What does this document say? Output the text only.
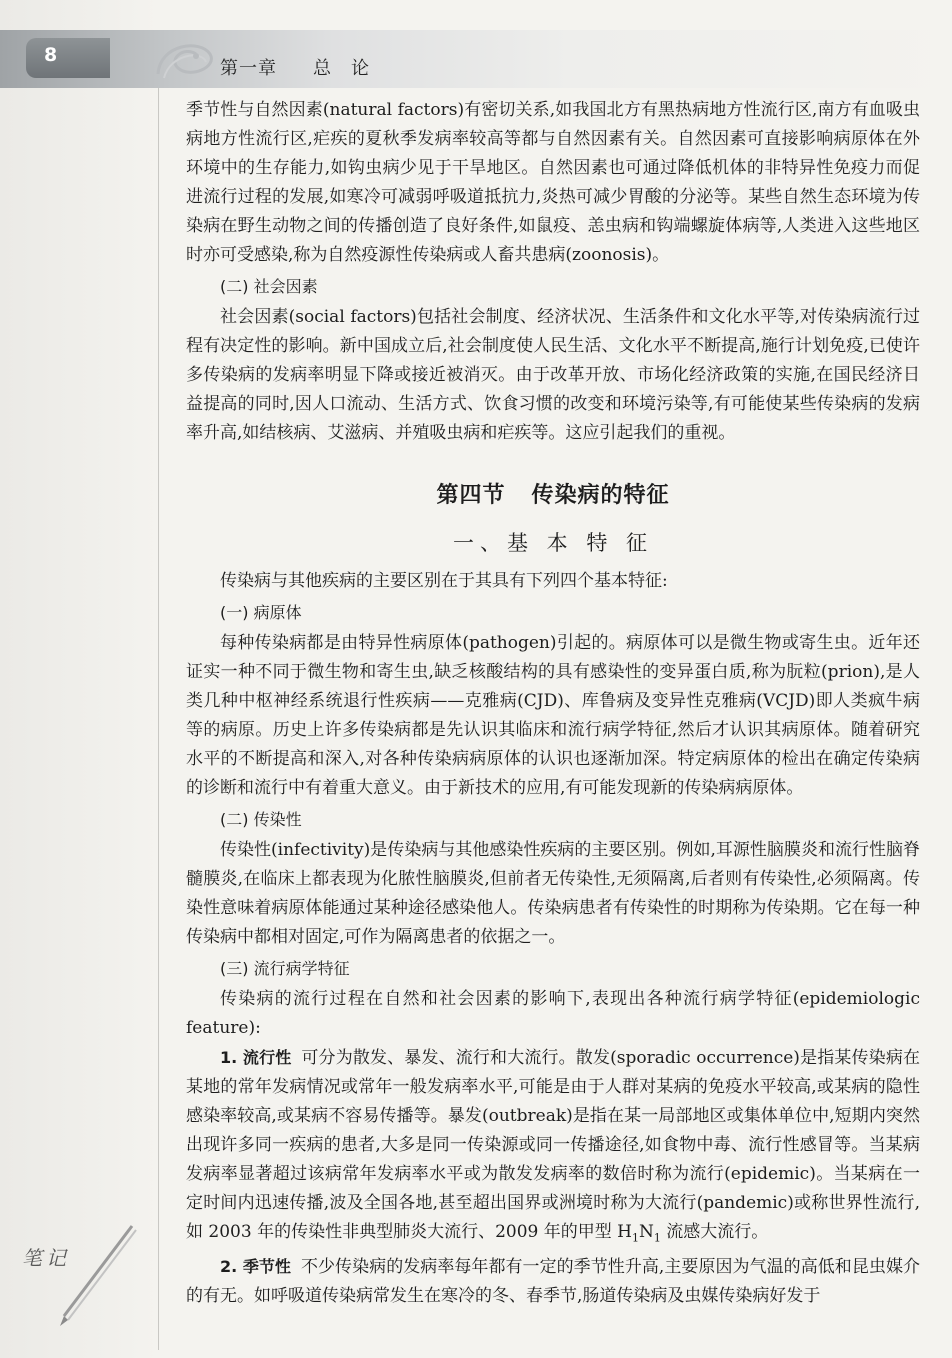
8
第一章 总　论

季节性与自然因素(natural factors)有密切关系,如我国北方有黑热病地方性流行区,南方有血吸虫病地方性流行区,疟疾的夏秋季发病率较高等都与自然因素有关。自然因素可直接影响病原体在外环境中的生存能力,如钩虫病少见于干旱地区。自然因素也可通过降低机体的非特异性免疫力而促进流行过程的发展,如寒冷可减弱呼吸道抵抗力,炎热可减少胃酸的分泌等。某些自然生态环境为传染病在野生动物之间的传播创造了良好条件,如鼠疫、恙虫病和钩端螺旋体病等,人类进入这些地区时亦可受感染,称为自然疫源性传染病或人畜共患病(zoonosis)。

(二) 社会因素

社会因素(social factors)包括社会制度、经济状况、生活条件和文化水平等,对传染病流行过程有决定性的影响。新中国成立后,社会制度使人民生活、文化水平不断提高,施行计划免疫,已使许多传染病的发病率明显下降或接近被消灭。由于改革开放、市场化经济政策的实施,在国民经济日益提高的同时,因人口流动、生活方式、饮食习惯的改变和环境污染等,有可能使某些传染病的发病率升高,如结核病、艾滋病、并殖吸虫病和疟疾等。这应引起我们的重视。

第四节 传染病的特征
一、基 本 特 征

传染病与其他疾病的主要区别在于其具有下列四个基本特征:

(一) 病原体

每种传染病都是由特异性病原体(pathogen)引起的。病原体可以是微生物或寄生虫。近年还证实一种不同于微生物和寄生虫,缺乏核酸结构的具有感染性的变异蛋白质,称为朊粒(prion),是人类几种中枢神经系统退行性疾病——克雅病(CJD)、库鲁病及变异性克雅病(VCJD)即人类疯牛病等的病原。历史上许多传染病都是先认识其临床和流行病学特征,然后才认识其病原体。随着研究水平的不断提高和深入,对各种传染病病原体的认识也逐渐加深。特定病原体的检出在确定传染病的诊断和流行中有着重大意义。由于新技术的应用,有可能发现新的传染病病原体。

(二) 传染性

传染性(infectivity)是传染病与其他感染性疾病的主要区别。例如,耳源性脑膜炎和流行性脑脊髓膜炎,在临床上都表现为化脓性脑膜炎,但前者无传染性,无须隔离,后者则有传染性,必须隔离。传染性意味着病原体能通过某种途径感染他人。传染病患者有传染性的时期称为传染期。它在每一种传染病中都相对固定,可作为隔离患者的依据之一。

(三) 流行病学特征

传染病的流行过程在自然和社会因素的影响下,表现出各种流行病学特征(epidemiologic feature):

1. 流行性 可分为散发、暴发、流行和大流行。散发(sporadic occurrence)是指某传染病在某地的常年发病情况或常年一般发病率水平,可能是由于人群对某病的免疫水平较高,或某病的隐性感染率较高,或某病不容易传播等。暴发(outbreak)是指在某一局部地区或集体单位中,短期内突然出现许多同一疾病的患者,大多是同一传染源或同一传播途径,如食物中毒、流行性感冒等。当某病发病率显著超过该病常年发病率水平或为散发发病率的数倍时称为流行(epidemic)。当某病在一定时间内迅速传播,波及全国各地,甚至超出国界或洲境时称为大流行(pandemic)或称世界性流行,如 2003 年的传染性非典型肺炎大流行、2009 年的甲型 $H_1N_1$ 流感大流行。

2. 季节性 不少传染病的发病率每年都有一定的季节性升高,主要原因为气温的高低和昆虫媒介的有无。如呼吸道传染病常发生在寒冷的冬、春季节,肠道传染病及虫媒传染病好发于

笔记
